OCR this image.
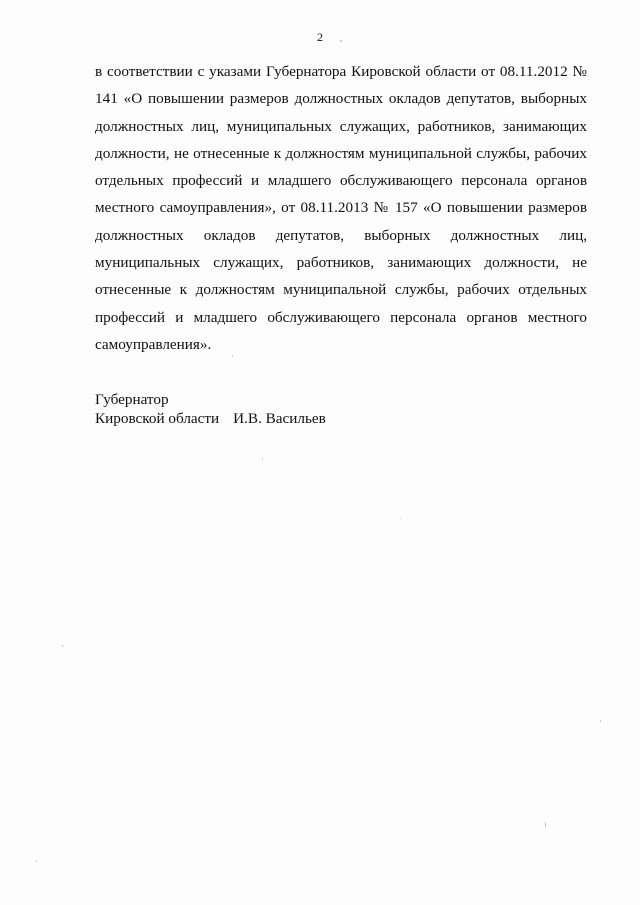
2

в соответствии с указами Губернатора Кировской области от 08.11.2012 № 141 «О повышении размеров должностных окладов депутатов, выборных должностных лиц, муниципальных служащих, работников, занимающих должности, не отнесенные к должностям муниципальной службы, рабочих отдельных профессий и младшего обслуживающего персонала органов местного самоуправления», от 08.11.2013 № 157 «О повышении размеров должностных окладов депутатов, выборных должностных лиц, муниципальных служащих, работников, занимающих должности, не отнесенные к должностям муниципальной службы, рабочих отдельных профессий и младшего обслуживающего персонала органов местного самоуправления».

Губернатор
Кировской области И.В. Васильев
